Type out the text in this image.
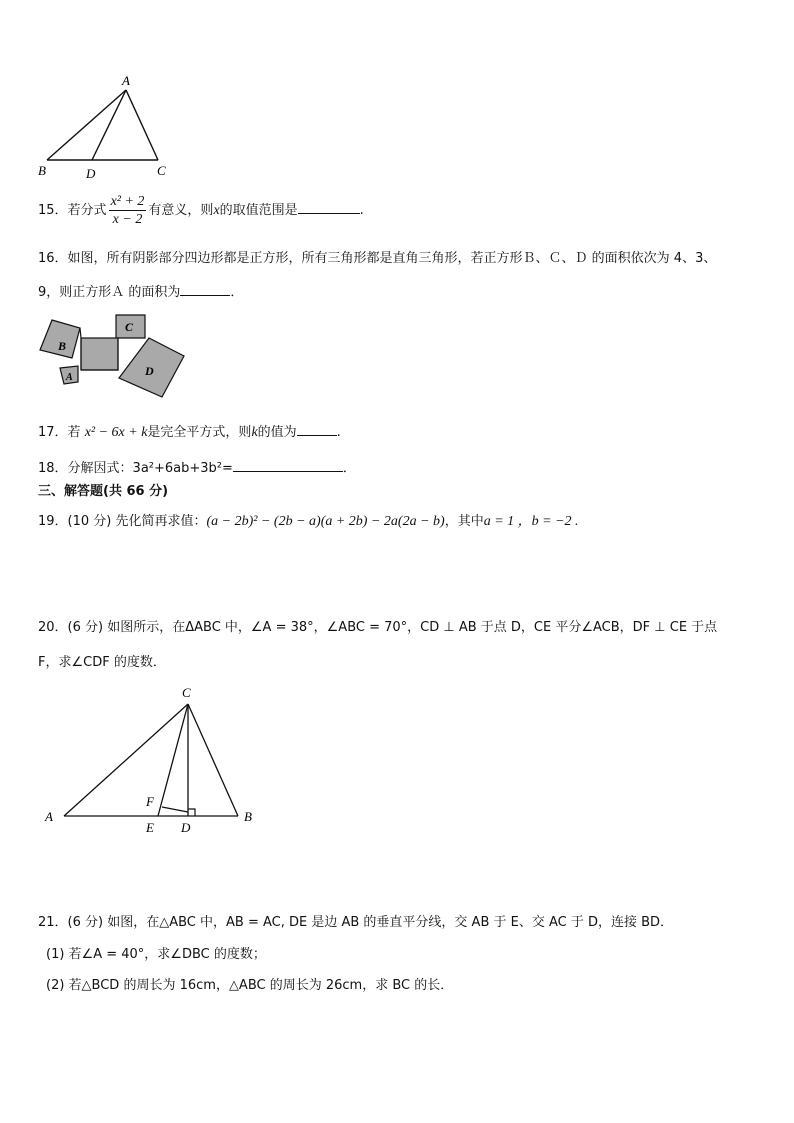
A
B	D	C
15．若分式 $\frac{\text{x² + 2}}{x - 2}$ 有意义，则x的取值范围是	.
16．如图，所有阴影部分四边形都是正方形，所有三角形都是直角三角形，若正方形Ｂ、Ｃ、Ｄ 的面积依次为 4、3、
9，则正方形Ａ 的面积为	．
B
C
D
A
17．若 x² − 6x + k是完全平方式，则k的值为	.
18．分解因式：3a²+6ab+3b²=	．
三、解答题(共 66 分)
19．(10 分) 先化简再求值：(a − 2b)² − (2b − a)(a + 2b) − 2a(2a − b)，其中a = 1 ，b = −2 .
20．(6 分) 如图所示，在ΔABC 中，∠A = 38°，∠ABC = 70°，CD ⊥ AB 于点 D，CE 平分∠ACB，DF ⊥ CE 于点
F，求∠CDF 的度数．
C
A	B
E D
F
21．(6 分) 如图，在△ABC 中，AB = AC, DE 是边 AB 的垂直平分线，交 AB 于 E、交 AC 于 D，连接 BD．
(1) 若∠A = 40°，求∠DBC 的度数；
(2) 若△BCD 的周长为 16cm，△ABC 的周长为 26cm，求 BC 的长．
